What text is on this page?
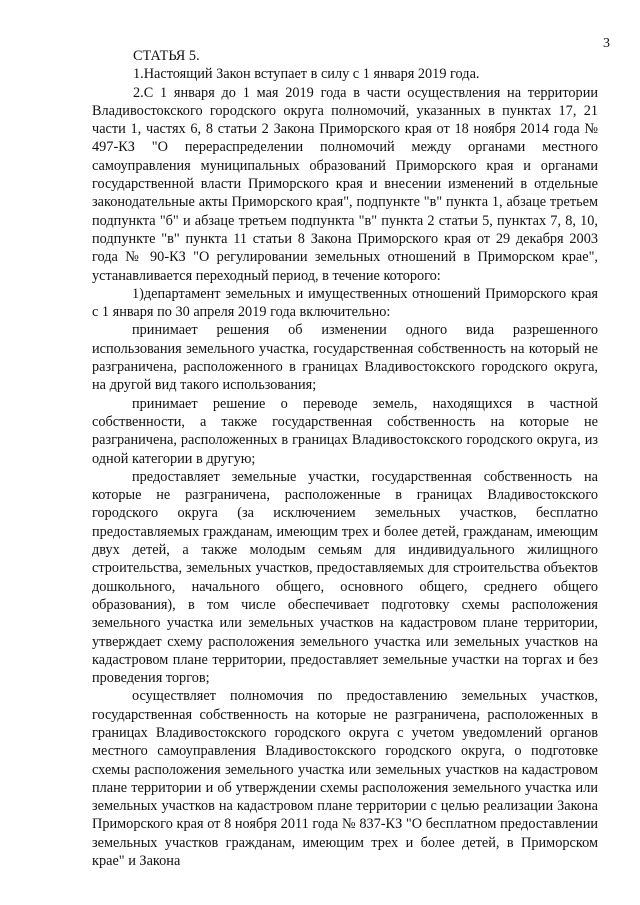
3

СТАТЬЯ 5.

1.Настоящий Закон вступает в силу с 1 января 2019 года.

2.С 1 января до 1 мая 2019 года в части осуществления на территории Владивостокского городского округа полномочий, указанных в пунктах 17, 21 части 1, частях 6, 8 статьи 2 Закона Приморского края от 18 ноября 2014 года № 497-КЗ "О перераспределении полномочий между органами местного самоуправления муниципальных образований Приморского края и органами государственной власти Приморского края и внесении изменений в отдельные законодательные акты Приморского края", подпункте "в" пункта 1, абзаце третьем подпункта "б" и абзаце третьем подпункта "в" пункта 2 статьи 5, пунктах 7, 8, 10, подпункте "в" пункта 11 статьи 8 Закона Приморского края от 29 декабря 2003 года № 90-КЗ "О регулировании земельных отношений в Приморском крае", устанавливается переходный период, в течение которого:

1)департамент земельных и имущественных отношений Приморского края с 1 января по 30 апреля 2019 года включительно:

принимает решения об изменении одного вида разрешенного использования земельного участка, государственная собственность на который не разграничена, расположенного в границах Владивостокского городского округа, на другой вид такого использования;

принимает решение о переводе земель, находящихся в частной собственности, а также государственная собственность на которые не разграничена, расположенных в границах Владивостокского городского округа, из одной категории в другую;

предоставляет земельные участки, государственная собственность на которые не разграничена, расположенные в границах Владивостокского городского округа (за исключением земельных участков, бесплатно предоставляемых гражданам, имеющим трех и более детей, гражданам, имеющим двух детей, а также молодым семьям для индивидуального жилищного строительства, земельных участков, предоставляемых для строительства объектов дошкольного, начального общего, основного общего, среднего общего образования), в том числе обеспечивает подготовку схемы расположения земельного участка или земельных участков на кадастровом плане территории, утверждает схему расположения земельного участка или земельных участков на кадастровом плане территории, предоставляет земельные участки на торгах и без проведения торгов;

осуществляет полномочия по предоставлению земельных участков, государственная собственность на которые не разграничена, расположенных в границах Владивостокского городского округа с учетом уведомлений органов местного самоуправления Владивостокского городского округа, о подготовке схемы расположения земельного участка или земельных участков на кадастровом плане территории и об утверждении схемы расположения земельного участка или земельных участков на кадастровом плане территории с целью реализации Закона Приморского края от 8 ноября 2011 года № 837-КЗ "О бесплатном предоставлении земельных участков гражданам, имеющим трех и более детей, в Приморском крае" и Закона
